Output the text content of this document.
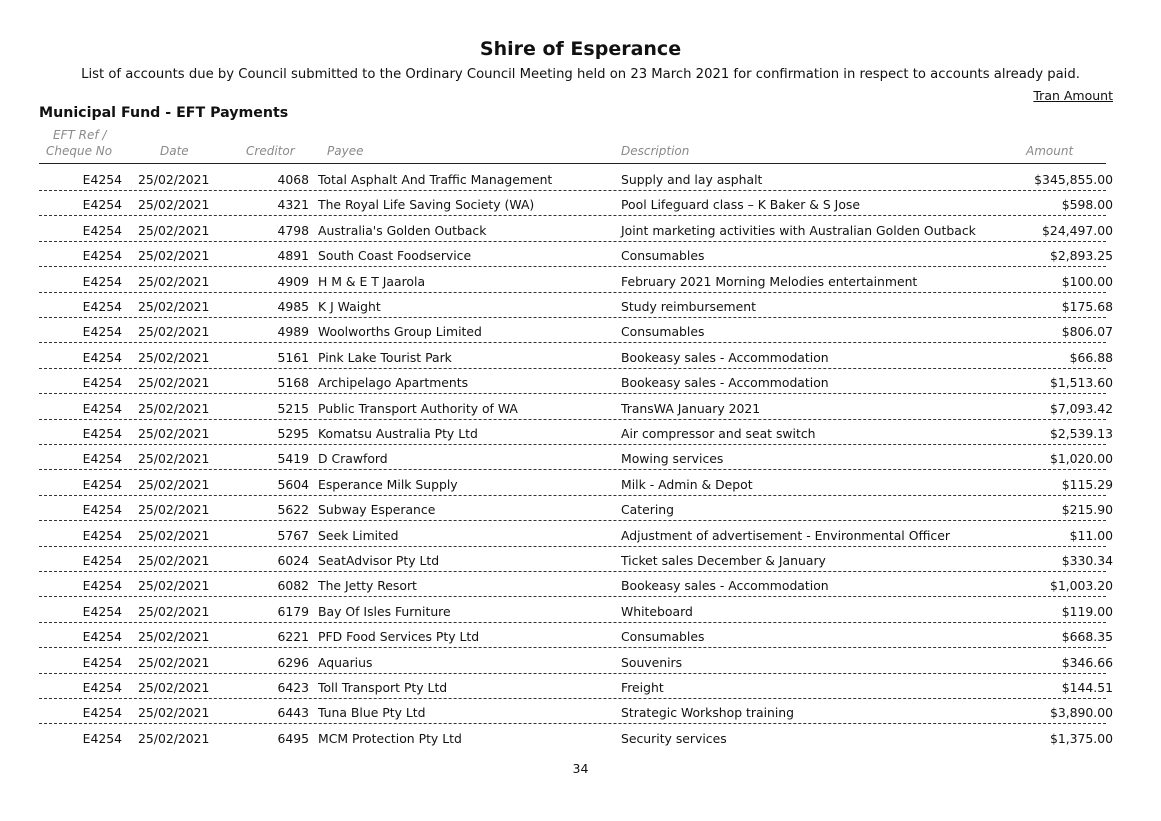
Shire of Esperance
List of accounts due by Council submitted to the Ordinary Council Meeting held on 23 March 2021 for confirmation in respect to accounts already paid.
Tran Amount
Municipal Fund - EFT Payments
EFT Ref /
Cheque No	Date	Creditor	Payee	Description	Amount
E4254 25/02/2021	4068 Total Asphalt And Traffic Management	Supply and lay asphalt	$345,855.00
E4254 25/02/2021	4321 The Royal Life Saving Society (WA)	Pool Lifeguard class – K Baker & S Jose	$598.00
E4254 25/02/2021	4798 Australia's Golden Outback	Joint marketing activities with Australian Golden Outback	$24,497.00
E4254 25/02/2021	4891 South Coast Foodservice	Consumables	$2,893.25
E4254 25/02/2021	4909 H M & E T Jaarola	February 2021 Morning Melodies entertainment	$100.00
E4254 25/02/2021	4985 K J Waight	Study reimbursement	$175.68
E4254 25/02/2021	4989 Woolworths Group Limited	Consumables	$806.07
E4254 25/02/2021	5161 Pink Lake Tourist Park	Bookeasy sales - Accommodation	$66.88
E4254 25/02/2021	5168 Archipelago Apartments	Bookeasy sales - Accommodation	$1,513.60
E4254 25/02/2021	5215 Public Transport Authority of WA	TransWA January 2021	$7,093.42
E4254 25/02/2021	5295 Komatsu Australia Pty Ltd	Air compressor and seat switch	$2,539.13
E4254 25/02/2021	5419 D Crawford	Mowing services	$1,020.00
E4254 25/02/2021	5604 Esperance Milk Supply	Milk - Admin & Depot	$115.29
E4254 25/02/2021	5622 Subway Esperance	Catering	$215.90
E4254 25/02/2021	5767 Seek Limited	Adjustment of advertisement - Environmental Officer	$11.00
E4254 25/02/2021	6024 SeatAdvisor Pty Ltd	Ticket sales December & January	$330.34
E4254 25/02/2021	6082 The Jetty Resort	Bookeasy sales - Accommodation	$1,003.20
E4254 25/02/2021	6179 Bay Of Isles Furniture	Whiteboard	$119.00
E4254 25/02/2021	6221 PFD Food Services Pty Ltd	Consumables	$668.35
E4254 25/02/2021	6296 Aquarius	Souvenirs	$346.66
E4254 25/02/2021	6423 Toll Transport Pty Ltd	Freight	$144.51
E4254 25/02/2021	6443 Tuna Blue Pty Ltd	Strategic Workshop training	$3,890.00
E4254 25/02/2021	6495 MCM Protection Pty Ltd	Security services	$1,375.00
34
